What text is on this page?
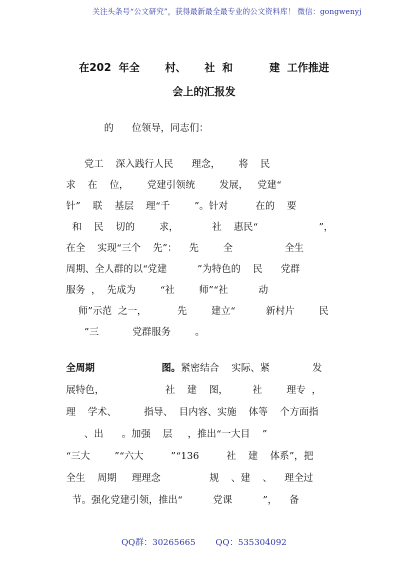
关注头条号“公文研究”，获得最新最全最专业的公文资料库！ 微信：gongwenyj
在202  年全       村、     社  和          建  工作推进
会上的汇报发
的      位领导，同志们：
党工    深入践行人民      理念，      将    民
求    在    位，      党建引领统        发展，   党建“
针”    联    基层    理“千        ”。针对         在的    要
和    民    切的        求，           社    惠民“                    ”，
在全    实现“三个    先”：    先        全                 全生
周期、全人群的以“党建          ”为特色的    民      党群
服务  ，  先成为        “社        师”“社          动
师”示范  之一，          先        建立“          新村片        民
”三           党群服务        。
全周期                    图。紧密结合    实际、紧              发
展特色，                    社    建    图，        社        理专  ，
理    学术、         指导、  目内容、实施    体等    个方面指
、出      。加强    层     ，推出“一大目    ”
“三大        ”“六大         ”“136         社    建    体系”，把
全生    周期     理理念                规    、建    、    理全过
节。强化党建引领，推出“          党课          ”，    备
QQ群：30265665 QQ：535304092
